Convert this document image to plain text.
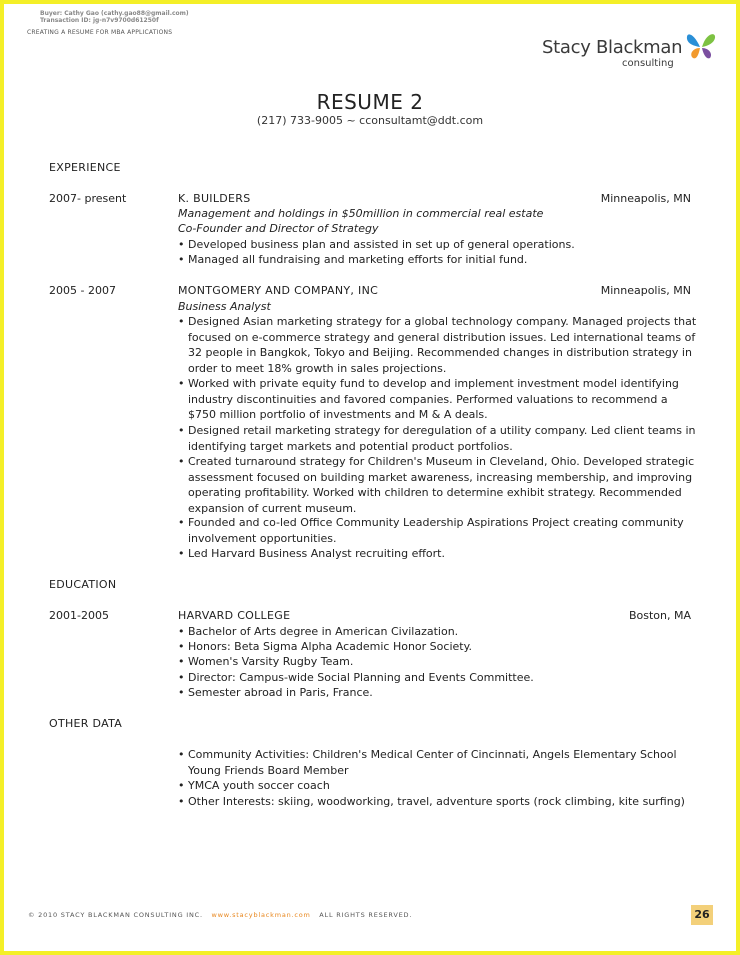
Buyer: Cathy Gao (cathy.gao88@gmail.com)
Transaction ID: jg-n7v9700d61250f
CREATING A RESUME FOR MBA APPLICATIONS
Stacy Blackman
consulting
RESUME 2
(217) 733-9005 ~ cconsultamt@ddt.com
EXPERIENCE
2007- present	K. BUILDERS	Minneapolis, MN
Management and holdings in $50million in commercial real estate
Co-Founder and Director of Strategy
• Developed business plan and assisted in set up of general operations.
• Managed all fundraising and marketing efforts for initial fund.
2005 - 2007	MONTGOMERY AND COMPANY, INC	Minneapolis, MN
Business Analyst
• Designed Asian marketing strategy for a global technology company. Managed projects that focused on e-commerce strategy and general distribution issues. Led international teams of 32 people in Bangkok, Tokyo and Beijing. Recommended changes in distribution strategy in order to meet 18% growth in sales projections.
• Worked with private equity fund to develop and implement investment model identifying industry discontinuities and favored companies. Performed valuations to recommend a $750 million portfolio of investments and M & A deals.
• Designed retail marketing strategy for deregulation of a utility company. Led client teams in identifying target markets and potential product portfolios.
• Created turnaround strategy for Children's Museum in Cleveland, Ohio. Developed strategic assessment focused on building market awareness, increasing membership, and improving operating profitability. Worked with children to determine exhibit strategy. Recommended expansion of current museum.
• Founded and co-led Office Community Leadership Aspirations Project creating community involvement opportunities.
• Led Harvard Business Analyst recruiting effort.
EDUCATION
2001-2005	HARVARD COLLEGE	Boston, MA
• Bachelor of Arts degree in American Civilazation.
• Honors: Beta Sigma Alpha Academic Honor Society.
• Women's Varsity Rugby Team.
• Director: Campus-wide Social Planning and Events Committee.
• Semester abroad in Paris, France.
OTHER DATA
• Community Activities: Children's Medical Center of Cincinnati, Angels Elementary School Young Friends Board Member
• YMCA youth soccer coach
• Other Interests: skiing, woodworking, travel, adventure sports (rock climbing, kite surfing)
© 2010 STACY BLACKMAN CONSULTING INC. www.stacyblackman.com ALL RIGHTS RESERVED.	26
